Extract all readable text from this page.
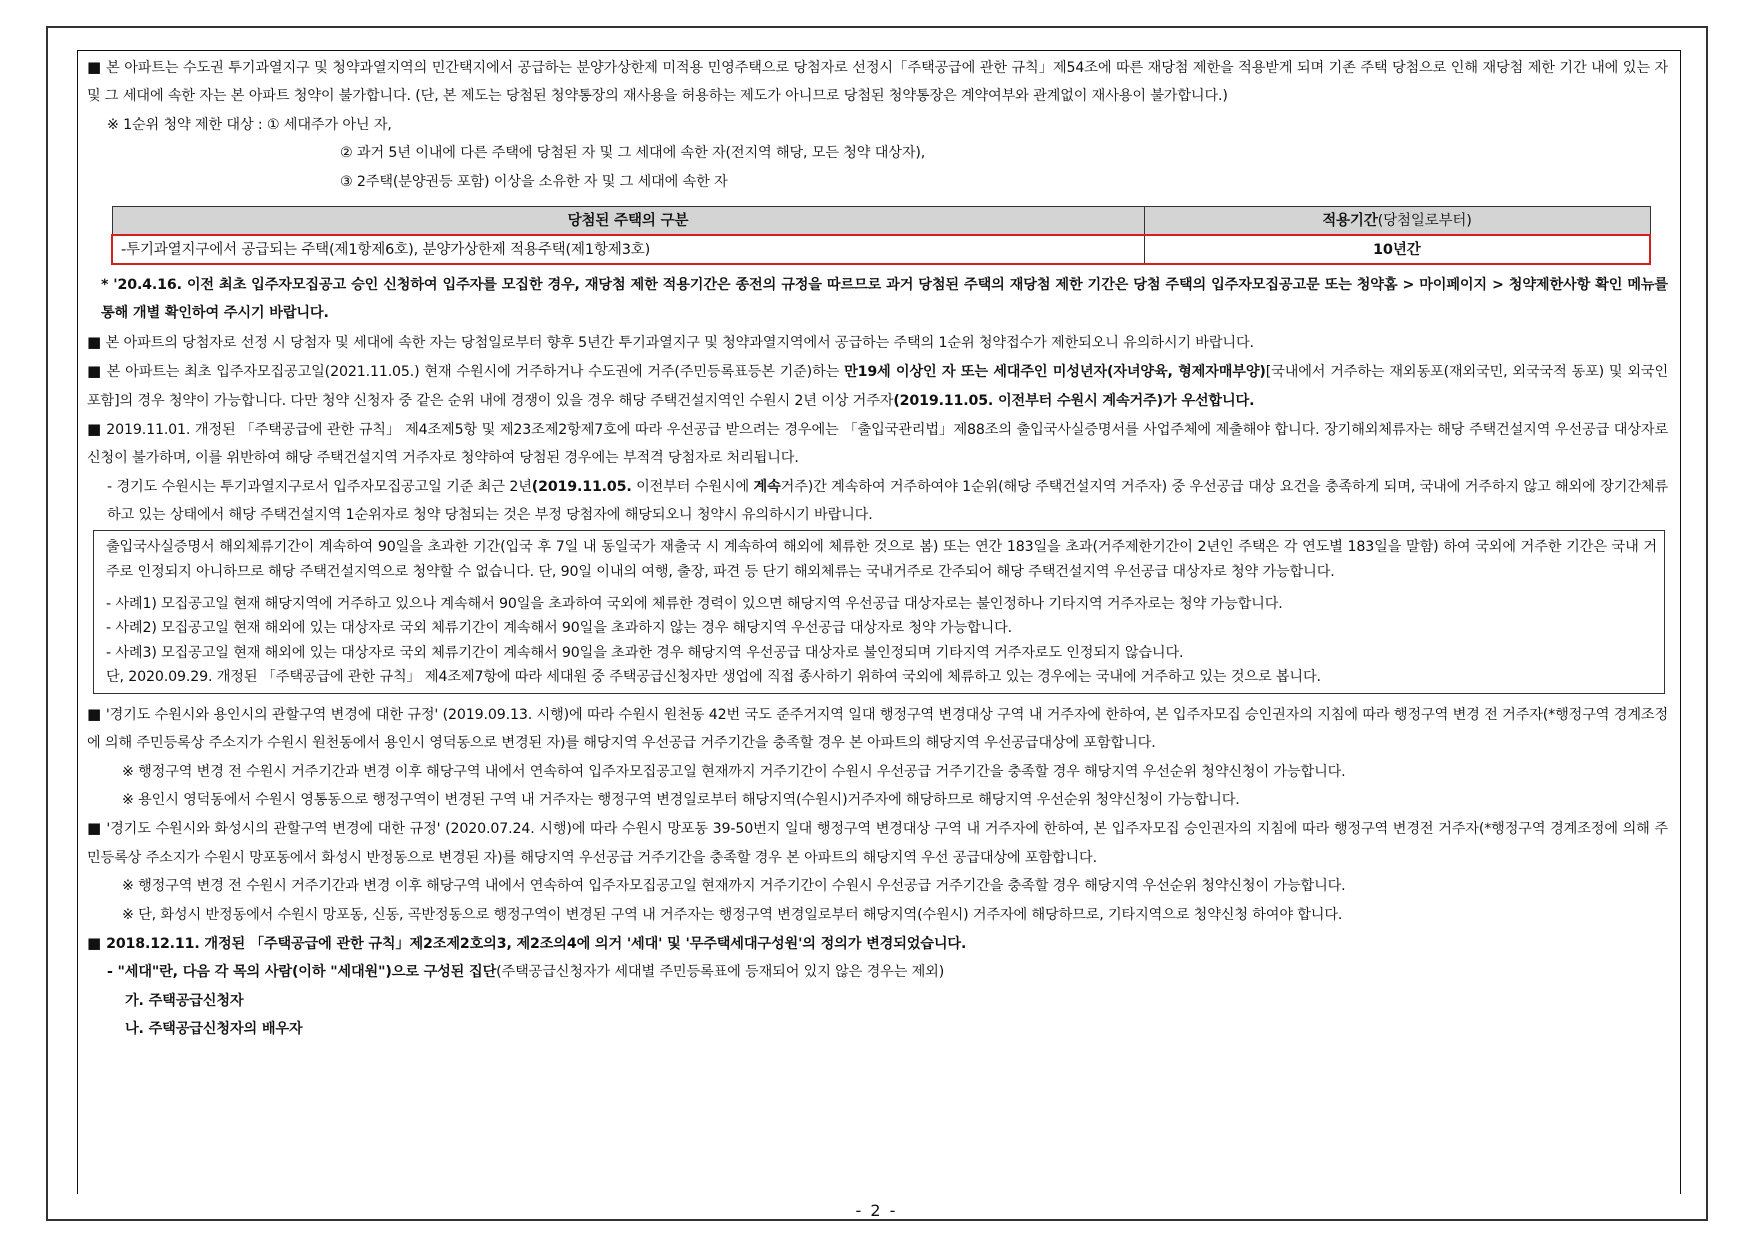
■ 본 아파트는 수도권 투기과열지구 및 청약과열지역의 민간택지에서 공급하는 분양가상한제 미적용 민영주택으로 당첨자로 선정시「주택공급에 관한 규칙」제54조에 따른 재당첨 제한을 적용받게 되며 기존 주택 당첨으로 인해 재당첨 제한 기간 내에 있는 자 및 그 세대에 속한 자는 본 아파트 청약이 불가합니다. (단, 본 제도는 당첨된 청약통장의 재사용을 허용하는 제도가 아니므로 당첨된 청약통장은 계약여부와 관계없이 재사용이 불가합니다.)

※ 1순위 청약 제한 대상 : ① 세대주가 아닌 자,

② 과거 5년 이내에 다른 주택에 당첨된 자 및 그 세대에 속한 자(전지역 해당, 모든 청약 대상자),

③ 2주택(분양권등 포함) 이상을 소유한 자 및 그 세대에 속한 자

당첨된 주택의 구분	적용기간(당첨일로부터)
-투기과열지구에서 공급되는 주택(제1항제6호), 분양가상한제 적용주택(제1항제3호)	10년간

* '20.4.16. 이전 최초 입주자모집공고 승인 신청하여 입주자를 모집한 경우, 재당첨 제한 적용기간은 종전의 규정을 따르므로 과거 당첨된 주택의 재당첨 제한 기간은 당첨 주택의 입주자모집공고문 또는 청약홈 > 마이페이지 > 청약제한사항 확인 메뉴를 통해 개별 확인하여 주시기 바랍니다.

■ 본 아파트의 당첨자로 선정 시 당첨자 및 세대에 속한 자는 당첨일로부터 향후 5년간 투기과열지구 및 청약과열지역에서 공급하는 주택의 1순위 청약접수가 제한되오니 유의하시기 바랍니다.

■ 본 아파트는 최초 입주자모집공고일(2021.11.05.) 현재 수원시에 거주하거나 수도권에 거주(주민등록표등본 기준)하는 만19세 이상인 자 또는 세대주인 미성년자(자녀양육, 형제자매부양)[국내에서 거주하는 재외동포(재외국민, 외국국적 동포) 및 외국인 포함]의 경우 청약이 가능합니다. 다만 청약 신청자 중 같은 순위 내에 경쟁이 있을 경우 해당 주택건설지역인 수원시 2년 이상 거주자(2019.11.05. 이전부터 수원시 계속거주)가 우선합니다.

■ 2019.11.01. 개정된 「주택공급에 관한 규칙」 제4조제5항 및 제23조제2항제7호에 따라 우선공급 받으려는 경우에는 「출입국관리법」제88조의 출입국사실증명서를 사업주체에 제출해야 합니다. 장기해외체류자는 해당 주택건설지역 우선공급 대상자로 신청이 불가하며, 이를 위반하여 해당 주택건설지역 거주자로 청약하여 당첨된 경우에는 부적격 당첨자로 처리됩니다.

- 경기도 수원시는 투기과열지구로서 입주자모집공고일 기준 최근 2년(2019.11.05. 이전부터 수원시에 계속거주)간 계속하여 거주하여야 1순위(해당 주택건설지역 거주자) 중 우선공급 대상 요건을 충족하게 되며, 국내에 거주하지 않고 해외에 장기간체류하고 있는 상태에서 해당 주택건설지역 1순위자로 청약 당첨되는 것은 부정 당첨자에 해당되오니 청약시 유의하시기 바랍니다.

출입국사실증명서 해외체류기간이 계속하여 90일을 초과한 기간(입국 후 7일 내 동일국가 재출국 시 계속하여 해외에 체류한 것으로 봄) 또는 연간 183일을 초과(거주제한기간이 2년인 주택은 각 연도별 183일을 말함) 하여 국외에 거주한 기간은 국내 거주로 인정되지 아니하므로 해당 주택건설지역으로 청약할 수 없습니다. 단, 90일 이내의 여행, 출장, 파견 등 단기 해외체류는 국내거주로 간주되어 해당 주택건설지역 우선공급 대상자로 청약 가능합니다.

- 사례1) 모집공고일 현재 해당지역에 거주하고 있으나 계속해서 90일을 초과하여 국외에 체류한 경력이 있으면 해당지역 우선공급 대상자로는 불인정하나 기타지역 거주자로는 청약 가능합니다.

- 사례2) 모집공고일 현재 해외에 있는 대상자로 국외 체류기간이 계속해서 90일을 초과하지 않는 경우 해당지역 우선공급 대상자로 청약 가능합니다.

- 사례3) 모집공고일 현재 해외에 있는 대상자로 국외 체류기간이 계속해서 90일을 초과한 경우 해당지역 우선공급 대상자로 불인정되며 기타지역 거주자로도 인정되지 않습니다.

단, 2020.09.29. 개정된 「주택공급에 관한 규칙」 제4조제7항에 따라 세대원 중 주택공급신청자만 생업에 직접 종사하기 위하여 국외에 체류하고 있는 경우에는 국내에 거주하고 있는 것으로 봅니다.

■ '경기도 수원시와 용인시의 관할구역 변경에 대한 규정' (2019.09.13. 시행)에 따라 수원시 원천동 42번 국도 준주거지역 일대 행정구역 변경대상 구역 내 거주자에 한하여, 본 입주자모집 승인권자의 지침에 따라 행정구역 변경 전 거주자(*행정구역 경계조정에 의해 주민등록상 주소지가 수원시 원천동에서 용인시 영덕동으로 변경된 자)를 해당지역 우선공급 거주기간을 충족할 경우 본 아파트의 해당지역 우선공급대상에 포함합니다.

※ 행정구역 변경 전 수원시 거주기간과 변경 이후 해당구역 내에서 연속하여 입주자모집공고일 현재까지 거주기간이 수원시 우선공급 거주기간을 충족할 경우 해당지역 우선순위 청약신청이 가능합니다.

※ 용인시 영덕동에서 수원시 영통동으로 행정구역이 변경된 구역 내 거주자는 행정구역 변경일로부터 해당지역(수원시)거주자에 해당하므로 해당지역 우선순위 청약신청이 가능합니다.

■ '경기도 수원시와 화성시의 관할구역 변경에 대한 규정' (2020.07.24. 시행)에 따라 수원시 망포동 39-50번지 일대 행정구역 변경대상 구역 내 거주자에 한하여, 본 입주자모집 승인권자의 지침에 따라 행정구역 변경전 거주자(*행정구역 경계조정에 의해 주민등록상 주소지가 수원시 망포동에서 화성시 반정동으로 변경된 자)를 해당지역 우선공급 거주기간을 충족할 경우 본 아파트의 해당지역 우선 공급대상에 포함합니다.

※ 행정구역 변경 전 수원시 거주기간과 변경 이후 해당구역 내에서 연속하여 입주자모집공고일 현재까지 거주기간이 수원시 우선공급 거주기간을 충족할 경우 해당지역 우선순위 청약신청이 가능합니다.

※ 단, 화성시 반정동에서 수원시 망포동, 신동, 곡반정동으로 행정구역이 변경된 구역 내 거주자는 행정구역 변경일로부터 해당지역(수원시) 거주자에 해당하므로, 기타지역으로 청약신청 하여야 합니다.

■ 2018.12.11. 개정된 「주택공급에 관한 규칙」제2조제2호의3, 제2조의4에 의거 '세대' 및 '무주택세대구성원'의 정의가 변경되었습니다.

- "세대"란, 다음 각 목의 사람(이하 "세대원")으로 구성된 집단(주택공급신청자가 세대별 주민등록표에 등재되어 있지 않은 경우는 제외)

가. 주택공급신청자

나. 주택공급신청자의 배우자

- 2 -
